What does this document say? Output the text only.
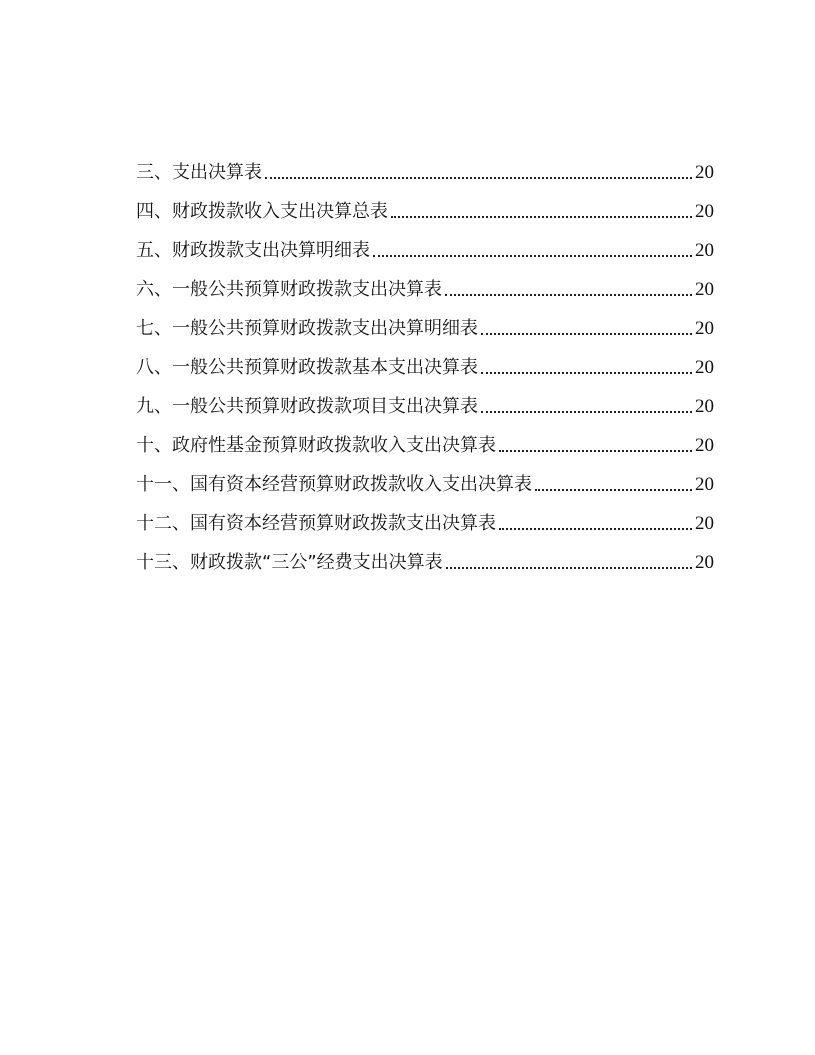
三、支出决算表	20
四、财政拨款收入支出决算总表	20
五、财政拨款支出决算明细表	20
六、一般公共预算财政拨款支出决算表	20
七、一般公共预算财政拨款支出决算明细表	20
八、一般公共预算财政拨款基本支出决算表	20
九、一般公共预算财政拨款项目支出决算表	20
十、政府性基金预算财政拨款收入支出决算表	20
十一、国有资本经营预算财政拨款收入支出决算表	20
十二、国有资本经营预算财政拨款支出决算表	20
十三、财政拨款“三公”经费支出决算表	20
